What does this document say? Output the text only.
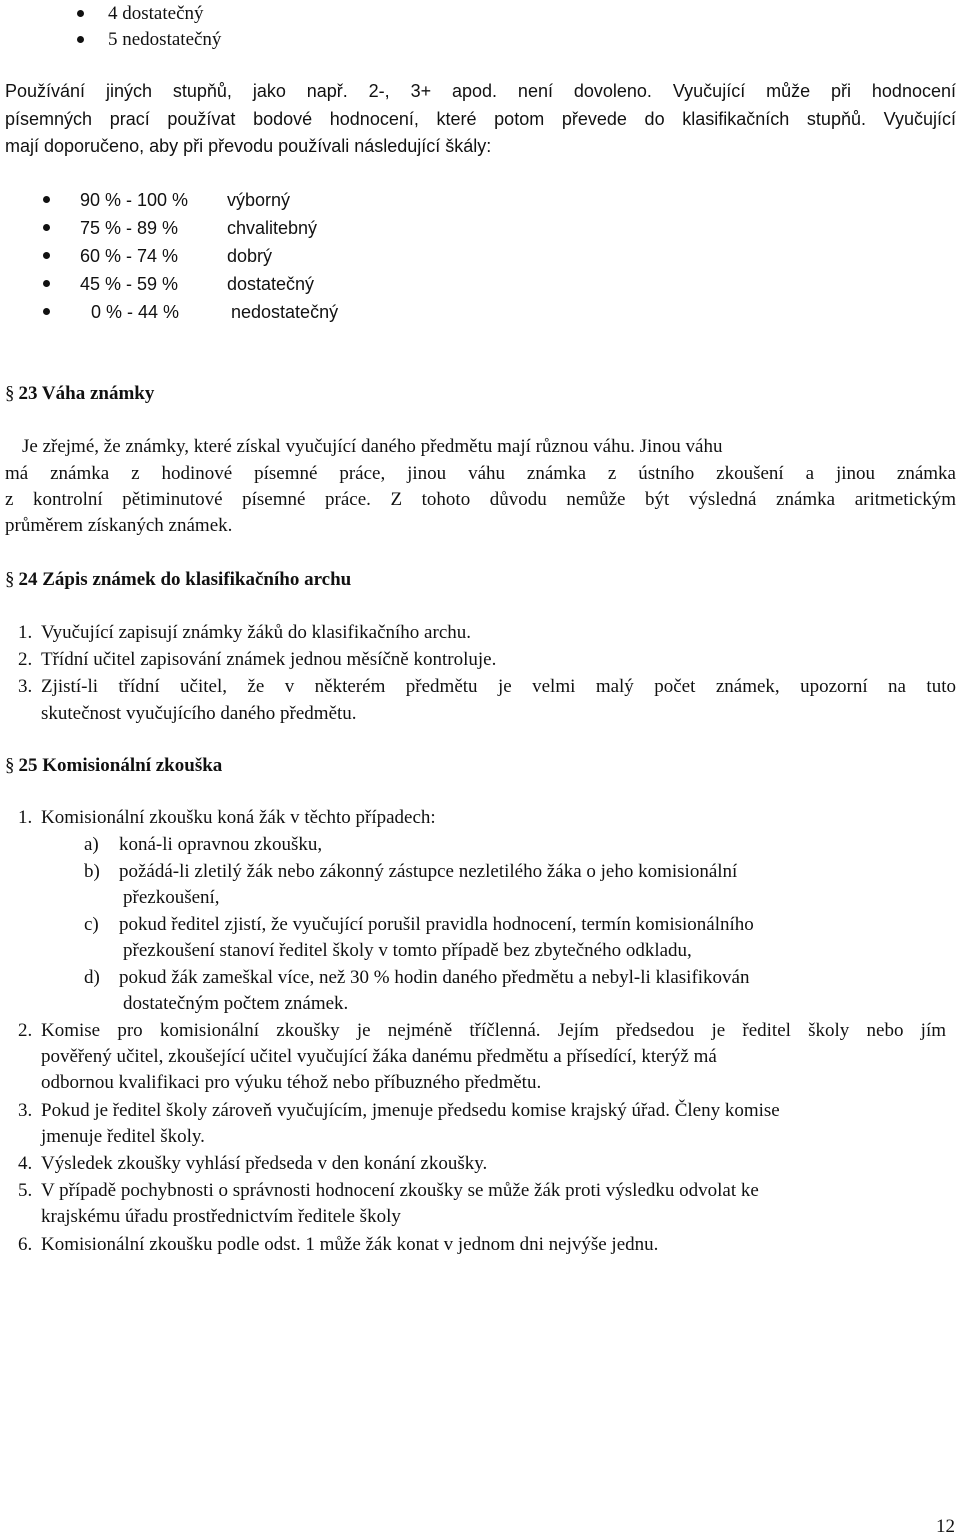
4 dostatečný
5 nedostatečný
Používání jiných stupňů, jako např. 2-, 3+ apod. není dovoleno. Vyučující může při hodnocení
písemných prací používat bodové hodnocení, které potom převede do klasifikačních stupňů. Vyučující
mají doporučeno, aby při převodu používali následující škály:
90 % - 100 % výborný
75 % - 89 %	chvalitebný
60 % - 74 %	dobrý
45 % - 59 %	dostatečný
0 % - 44 %	nedostatečný
§ 23 Váha známky
Je zřejmé, že známky, které získal vyučující daného předmětu mají různou váhu. Jinou váhu
má známka z hodinové písemné práce, jinou váhu známka z ústního zkoušení a jinou známka
z kontrolní pětiminutové písemné práce. Z tohoto důvodu nemůže být výsledná známka aritmetickým
průměrem získaných známek.
§ 24 Zápis známek do klasifikačního archu
1. Vyučující zapisují známky žáků do klasifikačního archu.
2. Třídní učitel zapisování známek jednou měsíčně kontroluje.
3. Zjistí-li třídní učitel, že v některém předmětu je velmi malý počet známek, upozorní na tuto
skutečnost vyučujícího daného předmětu.
§ 25 Komisionální zkouška
1. Komisionální zkoušku koná žák v těchto případech:
a) koná-li opravnou zkoušku,
b) požádá-li zletilý žák nebo zákonný zástupce nezletilého žáka o jeho komisionální
přezkoušení,
c) pokud ředitel zjistí, že vyučující porušil pravidla hodnocení, termín komisionálního
přezkoušení stanoví ředitel školy v tomto případě bez zbytečného odkladu,
d) pokud žák zameškal více, než 30 % hodin daného předmětu a nebyl-li klasifikován
dostatečným počtem známek.
2. Komise pro komisionální zkoušky je nejméně tříčlenná. Jejím předsedou je ředitel školy nebo jím
pověřený učitel, zkoušející učitel vyučující žáka danému předmětu a přísedící, kterýž má
odbornou kvalifikaci pro výuku téhož nebo příbuzného předmětu.
3. Pokud je ředitel školy zároveň vyučujícím, jmenuje předsedu komise krajský úřad. Členy komise
jmenuje ředitel školy.
4. Výsledek zkoušky vyhlásí předseda v den konání zkoušky.
5. V případě pochybnosti o správnosti hodnocení zkoušky se může žák proti výsledku odvolat ke
krajskému úřadu prostřednictvím ředitele školy
6. Komisionální zkoušku podle odst. 1 může žák konat v jednom dni nejvýše jednu.
12
